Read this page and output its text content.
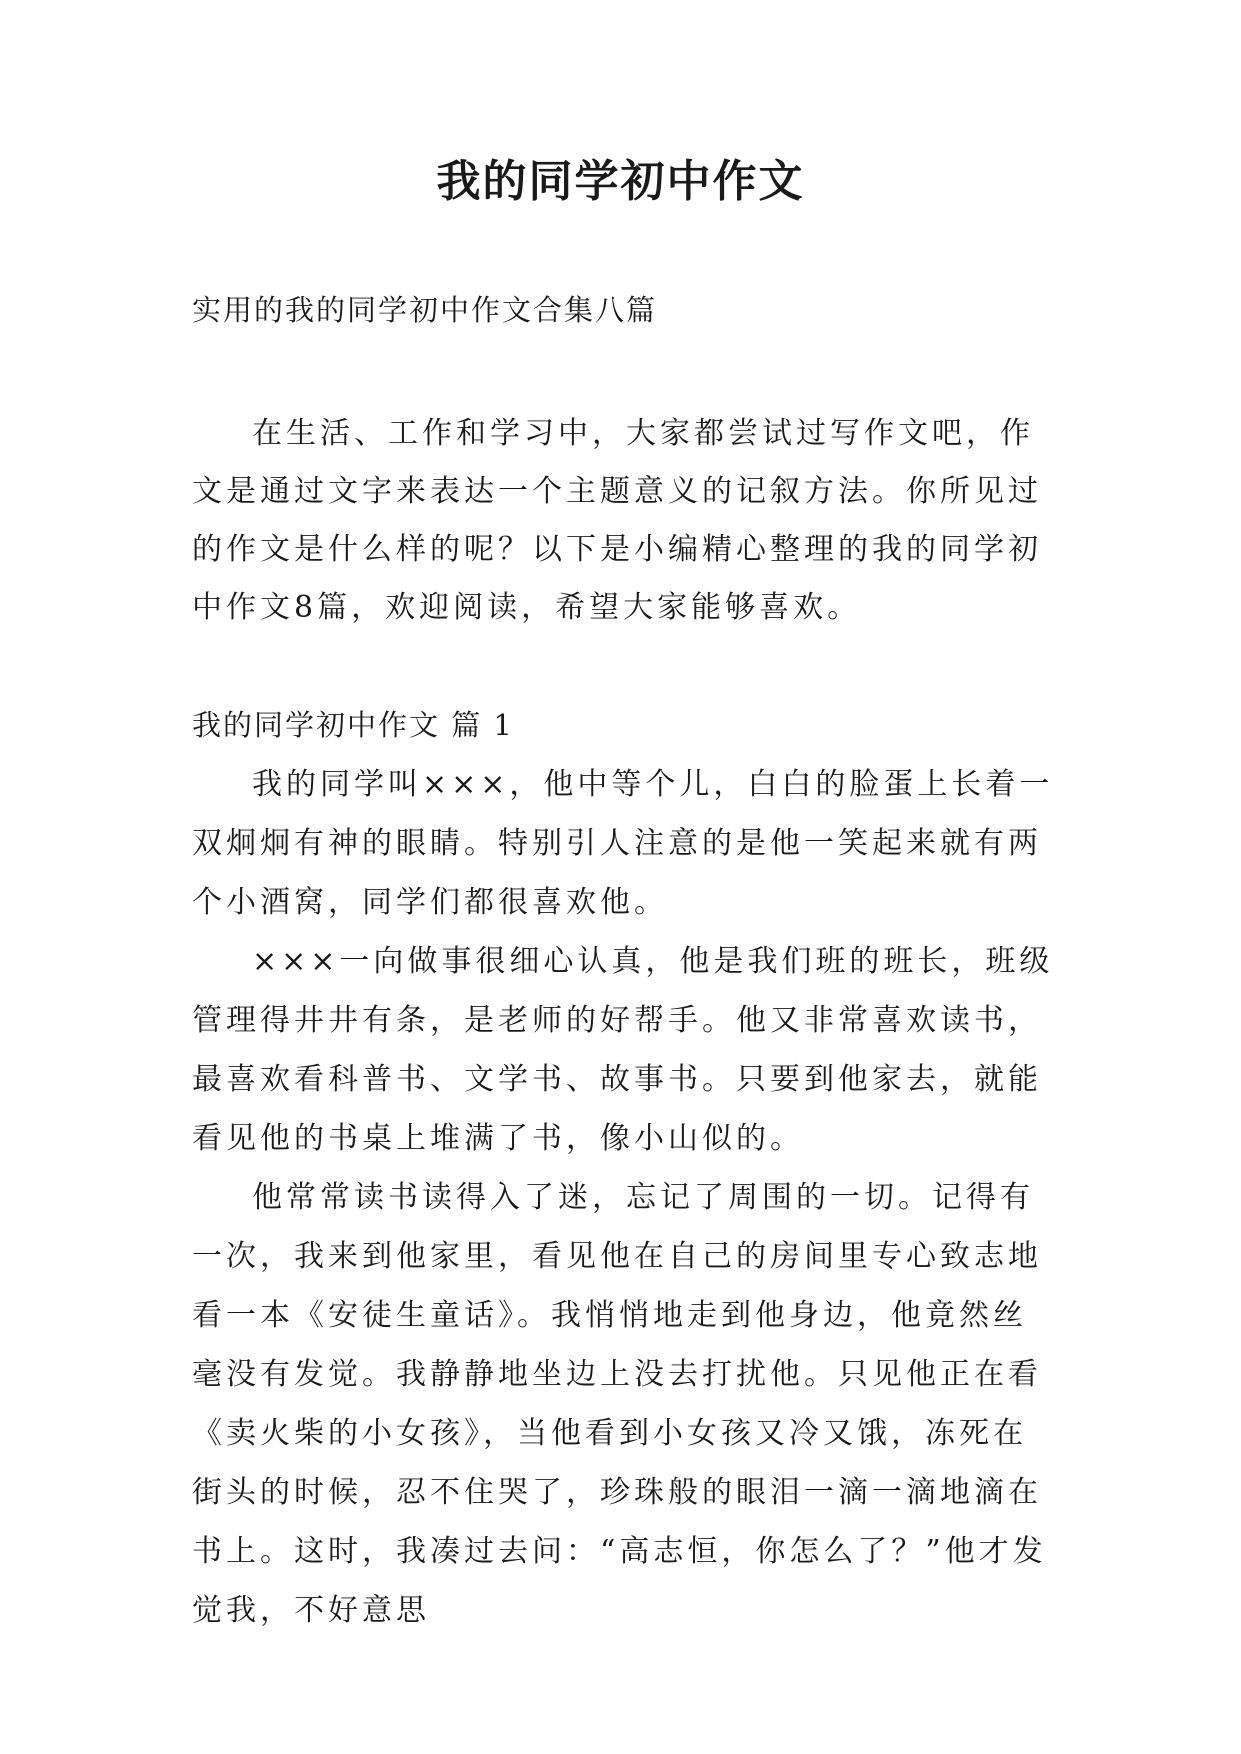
我的同学初中作文
实用的我的同学初中作文合集八篇

在生活、工作和学习中，大家都尝试过写作文吧，作文是通过文字来表达一个主题意义的记叙方法。你所见过的作文是什么样的呢？以下是小编精心整理的我的同学初中作文8篇，欢迎阅读，希望大家能够喜欢。

我的同学初中作文 篇 1

我的同学叫×××，他中等个儿，白白的脸蛋上长着一双炯炯有神的眼睛。特别引人注意的是他一笑起来就有两个小酒窝，同学们都很喜欢他。

×××一向做事很细心认真，他是我们班的班长，班级管理得井井有条，是老师的好帮手。他又非常喜欢读书，最喜欢看科普书、文学书、故事书。只要到他家去，就能看见他的书桌上堆满了书，像小山似的。

他常常读书读得入了迷，忘记了周围的一切。记得有一次，我来到他家里，看见他在自己的房间里专心致志地看一本《安徒生童话》。我悄悄地走到他身边，他竟然丝毫没有发觉。我静静地坐边上没去打扰他。只见他正在看《卖火柴的小女孩》，当他看到小女孩又冷又饿，冻死在街头的时候，忍不住哭了，珍珠般的眼泪一滴一滴地滴在书上。这时，我凑过去问：“高志恒，你怎么了？”他才发觉我，不好意思
